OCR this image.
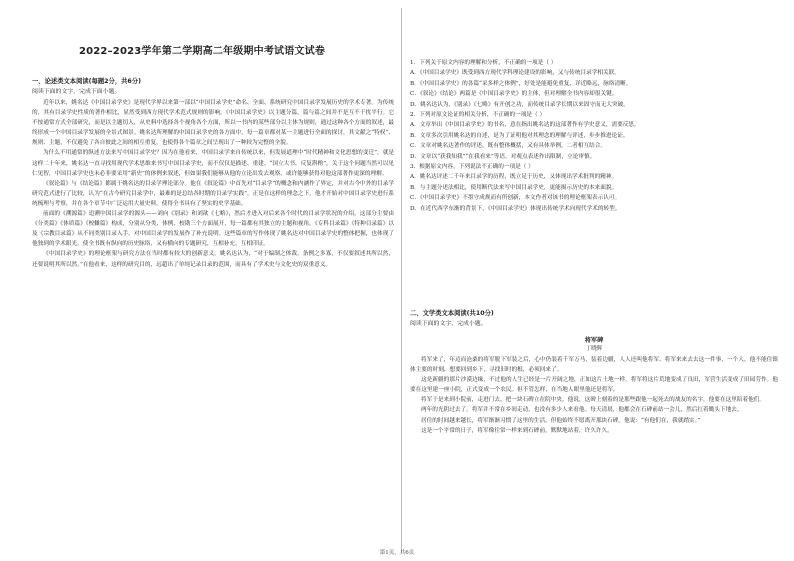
2022–2023学年第二学期高二年级期中考试语文试卷

一、论述类文本阅读(每题2分，共6分)

阅读下面的文字，完成下面小题。

近年以来，姚名达《中国目录学史》是现代学界以来第一部以“中国目录学史”命名、全面、系统研究中国目录学发展历史的学术专著。为传统的，其有目录学史性质的著作相比，显然受到西方现代学术范式规则的影响，《中国目录学史》以主题分篇，篇与篇之间并不是互不干扰平行。它不按通常方式全部研究，而是以主题切入，从史料中选择各个视角各个方面，所以一书内的某些部分以主体为规则，通过这种各个方面的叙述，最终形成一个中国目录学发展的全景式图景。姚名达所理解的中国目录学史的各方面中，每一篇章都对某一主题进行全面的探讨，其文献之“特权”、规则、主题，不仅避免了各自彼此之间的相互重复，也使得各个篇章之间呈现出了一种较为完整的全貌。

为什么不用通常的纵述方法来写中国目录学史？因为在他看来，中国目录学来自传统以来，但发展道理中“时代精神和文化思想的变迁”，就是这样二十年来，姚名达一直寻找用现代学术思维来书写中国目录学史，而不仅仅是描述、重建。“国立大书，反复斟酌”。关于这个问题当然可以见仁见智，中国目录学史也未必非要采用“新史”的体例来叙述，但如果我们能够从他的立论出发去观察，或许能够获得对他这部著作更深的理解。

《叙论篇》与《结论篇》都属于姚名达的目录学理论部分。他在《叙论篇》中首先对“目录学”的概念和内涵作了界定，并对古今中外的目录学研究范式进行了比较，认为“在古今研究目录学中，最难的是总结各时期的目录学实践”。正是在这样的理念之下，他才开始对中国目录学史进行系统梳理与考察，并在各个章节中广泛运用大量史料，使得全书具有了坚实的史学基础。

前面的《溯源篇》追溯中国目录学的源头——刘向《别录》和刘歆《七略》，然后才进入对后来各个时代的目录学状况的介绍。这部分主要由《分类篇》《体质篇》《校雠篇》构成，分别从分类、体例、校勘三个方面展开，每一篇都有其独立的主题和视角。《专科目录篇》《特种目录篇》以及《宗教目录篇》从不同类别目录入手，对中国目录学的发展作了补充说明。这些篇章的写作体现了姚名达对中国目录学史的整体把握，也体现了他独到的学术眼光，使全书既有纵向的历史脉络，又有横向的专题研究，互相补充、互相印证。

《中国目录学史》的理论框架与研究方法在当时都有较大的创新意义。姚名达认为，“对于编制之体裁、条例之多寡，不仅要叙述其所以然，还要说明其所以然。”在他看来，这样的研究目的，远超出了单纯记录目录的范围，而具有了学术史与文化史的双重意义。

1．下列关于原文内容的理解和分析，不正确的一项是（ ）

A．《中国目录学史》既受到西方现代学科理论建设的影响，又与传统目录学相关联。

B．《中国目录学史》的各篇“采多样之体例”，好处是能避免重复、详近略远，脉络清晰。

C．《叙论》《结论》两篇是《中国目录学史》的主体，但对理解全书内容却很关键。

D．姚名达认为，《别录》《七略》有开创之功，而传统目录学长期以来固守而无大突破。

2．下列对原文论证的相关分析，不正确的一项是（ ）

A．文章举出《中国目录学史》的书名，意在指出姚名达的这部著作有学史意义，需要反思。

B．文章多次引用姚名达的自述，是为了证明他对其理念的理解与评述，步步推进论证。

C．文章对姚名达著作的评述，既有整体概括，又有具体举例，二者相互结合。

D．文章以“获我知我”“在我看来”等语，对观点表述作出限制，立论审慎。

3．根据原文内容，下列说法不正确的一项是（ ）

A．姚名达评述二千年来目录学的历程，既立足于历史，又体现出学术批判的精神。

B．与主题分述法相比，使用断代法来写中国目录学史，更能揭示历史的本来面貌。

C．《中国目录学史》不墨守成规而有所创新，本文作者对该书的理论框架表示认可。

D．在近代西学东渐的背景下，《中国目录学史》体现出传统学术向现代学术的转型。

二、文学类文本阅读(共10分)

阅读下面的文字，完成小题。

将军碑

丁晓辉

将军来了，年迈而沧桑的将军脱下军装之后，心中仍装着千军万马，装着边疆，人人还叫他将军。将军来来去去这一件事，一个人，他不能住镇体主要的时刻，想要回到乡下，寻找旧时的根，必须回来了。

这是新疆的那片沙漠边缘，不过他的人生已经是一片开阔之地，正如这片土地一样。将军将这片荒地变成了良田，军营生活变成了田园劳作。他要在这里建一座小院，正式变成一个农民。但不管怎样，在当地人眼里他还是将军。

将军于是来到小院前，走进门去，把一块石碑立在院中央。他说，这碑上刻着的是那些跟他一起死去的战友的名字，他要在这里陪着他们。

两年的光阴过去了，将军并不常在乡间走动，也没有多少人来看他。每天清晨，他都会在石碑前站一会儿，然后扛着锄头下地去。

居住的时间越来越长，将军渐渐习惯了这里的生活，但他始终不愿离开那块石碑。他说：“有他们在，我就踏实。”

这是一个平常的日子，将军像往常一样来到石碑前，默默地站着，许久许久。

第1页，共6页
